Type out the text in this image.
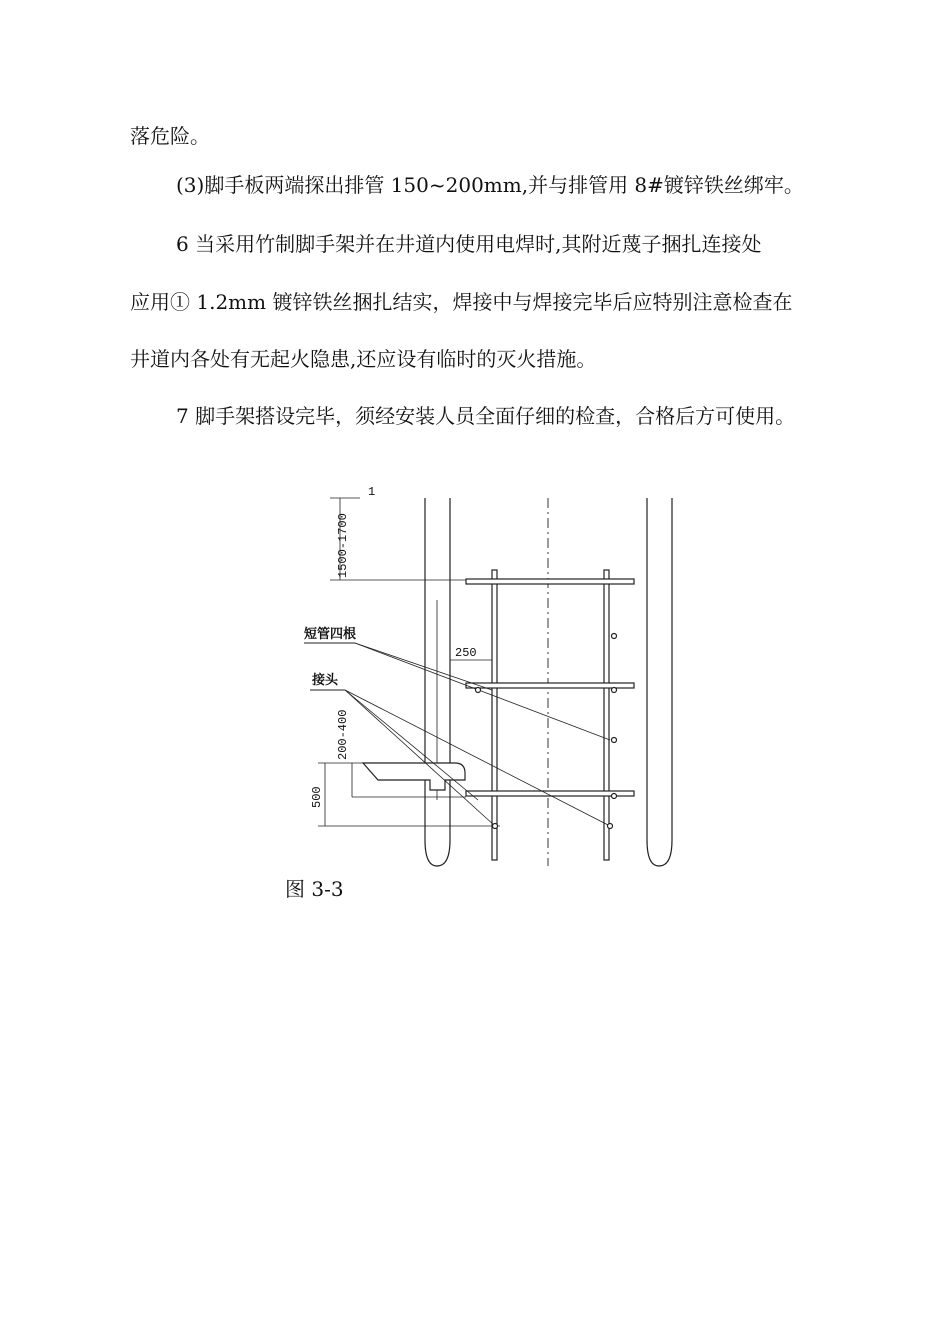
落危险。
(3)脚手板两端探出排管 150~200mm,并与排管用 8#镀锌铁丝绑牢。
6 当采用竹制脚手架并在井道内使用电焊时,其附近蔑子捆扎连接处
应用① 1.2mm 镀锌铁丝捆扎结实，焊接中与焊接完毕后应特别注意检查在
井道内各处有无起火隐患,还应设有临时的灭火措施。
7 脚手架搭设完毕，须经安装人员全面仔细的检查，合格后方可使用。
1
1500-1700
短管四根
250
接头
200-400
500
图 3-3
